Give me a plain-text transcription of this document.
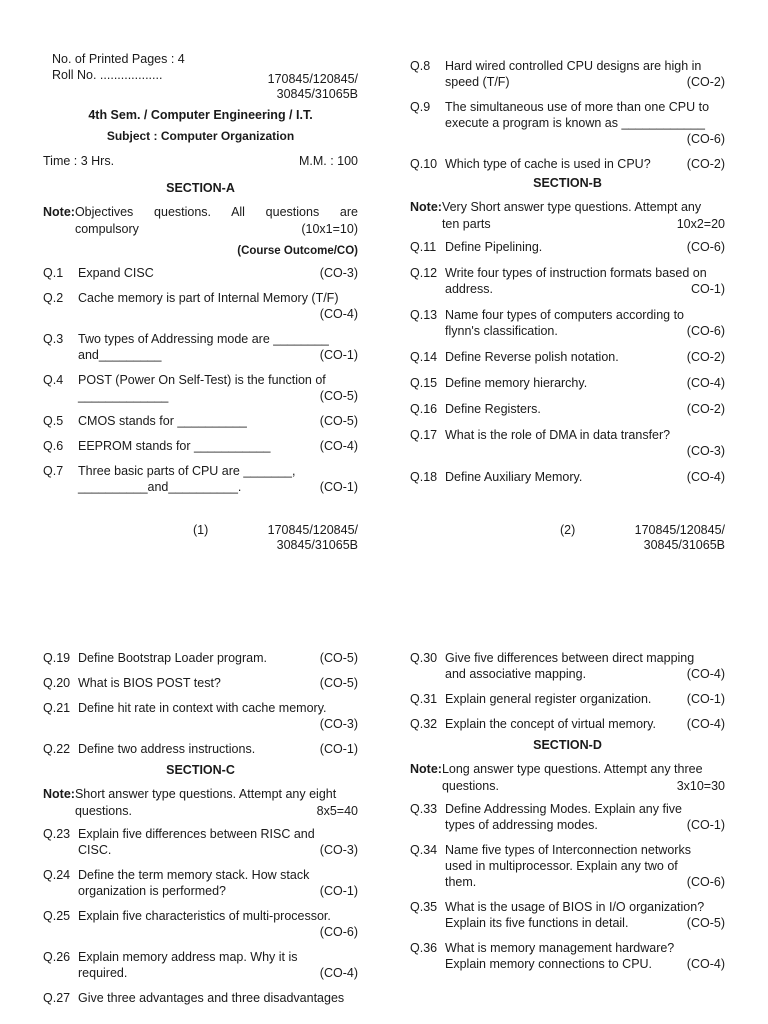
No. of Printed Pages : 4
Roll No. ..................	170845/120845/
30845/31065B
4th Sem. / Computer Engineering / I.T.
Subject : Computer Organization
Time : 3 Hrs.	M.M. : 100
SECTION-A
Note: Objectives questions. All questions are
compulsory	(10x1=10)
(Course Outcome/CO)
Q.1	Expand CISC	(CO-3)
Q.2	Cache memory is part of Internal Memory (T/F)
(CO-4)
Q.3	Two types of Addressing mode are ________
and_________	(CO-1)
Q.4	POST (Power On Self-Test) is the function of
_____________	(CO-5)
Q.5	CMOS stands for __________	(CO-5)
Q.6	EEPROM stands for ___________	(CO-4)
Q.7	Three basic parts of CPU are _______,
__________and__________.	(CO-1)
(1)	170845/120845/
30845/31065B
Q.8	Hard wired controlled CPU designs are high in
speed (T/F)	(CO-2)
Q.9	The simultaneous use of more than one CPU to
execute a program is known as ____________
(CO-6)
Q.10 Which type of cache is used in CPU?	(CO-2)
SECTION-B
Note: Very Short answer type questions. Attempt any
ten parts	10x2=20
Q.11 Define Pipelining.	(CO-6)
Q.12 Write four types of instruction formats based on
address.	CO-1)
Q.13 Name four types of computers according to
flynn's classification.	(CO-6)
Q.14 Define Reverse polish notation.	(CO-2)
Q.15 Define memory hierarchy.	(CO-4)
Q.16 Define Registers.	(CO-2)
Q.17 What is the role of DMA in data transfer?
(CO-3)
Q.18 Define Auxiliary Memory.	(CO-4)
(2)	170845/120845/
30845/31065B
Q.19 Define Bootstrap Loader program.	(CO-5)
Q.20 What is BIOS POST test?	(CO-5)
Q.21 Define hit rate in context with cache memory.
(CO-3)
Q.22 Define two address instructions.	(CO-1)
SECTION-C
Note: Short answer type questions. Attempt any eight
questions.	8x5=40
Q.23 Explain five differences between RISC and
CISC.	(CO-3)
Q.24 Define the term memory stack. How stack
organization is performed?	(CO-1)
Q.25 Explain five characteristics of multi-processor.
(CO-6)
Q.26 Explain memory address map. Why it is
required.	(CO-4)
Q.27 Give three advantages and three disadvantages
Q.30 Give five differences between direct mapping
and associative mapping.	(CO-4)
Q.31 Explain general register organization.	(CO-1)
Q.32 Explain the concept of virtual memory.	(CO-4)
SECTION-D
Note: Long answer type questions. Attempt any three
questions.	3x10=30
Q.33 Define Addressing Modes. Explain any five
types of addressing modes.	(CO-1)
Q.34 Name five types of Interconnection networks
used in multiprocessor. Explain any two of
them.	(CO-6)
Q.35 What is the usage of BIOS in I/O organization?
Explain its five functions in detail.	(CO-5)
Q.36 What is memory management hardware?
Explain memory connections to CPU.	(CO-4)
